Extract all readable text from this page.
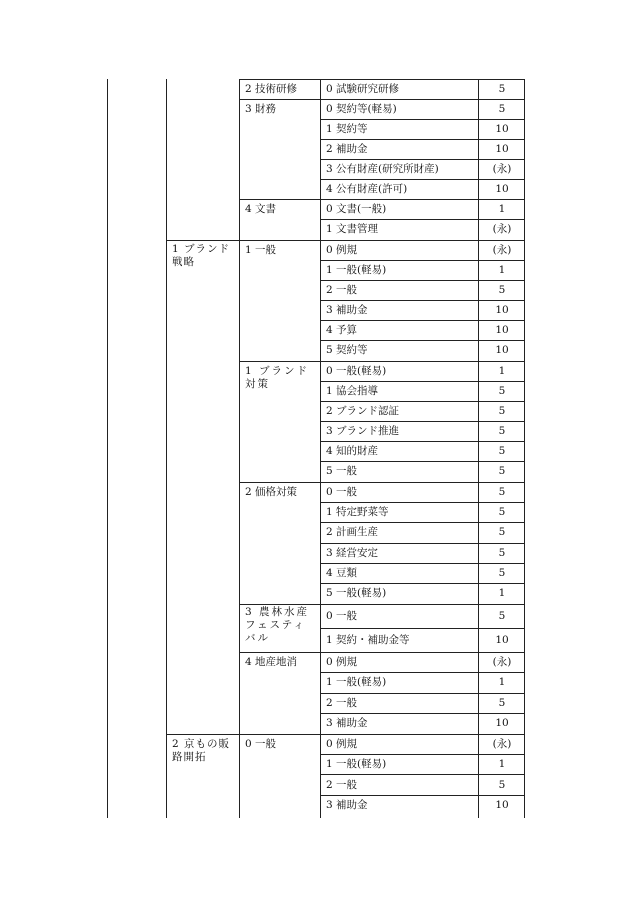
1 ブランド戦略
2 京もの販路開拓
2 技術研修
3 財務
4 文書
1 一般
1 ブランド対策
2 価格対策
3 農林水産フェスティバル
4 地産地消
0 一般
0 試験研究研修
0 契約等(軽易)
1 契約等
2 補助金
3 公有財産(研究所財産)
4 公有財産(許可)
0 文書(一般)
1 文書管理
0 例規
1 一般(軽易)
2 一般
3 補助金
4 予算
5 契約等
0 一般(軽易)
1 協会指導
2 ブランド認証
3 ブランド推進
4 知的財産
5 一般
0 一般
1 特定野菜等
2 計画生産
3 経営安定
4 豆類
5 一般(軽易)
0 一般
1 契約・補助金等
0 例規
1 一般(軽易)
2 一般
3 補助金
0 例規
1 一般(軽易)
2 一般
3 補助金
5
5
10
10
(永)
10
1
(永)
(永)
1
5
10
10
10
1
5
5
5
5
5
5
5
5
5
5
1
5
10
(永)
1
5
10
(永)
1
5
10
